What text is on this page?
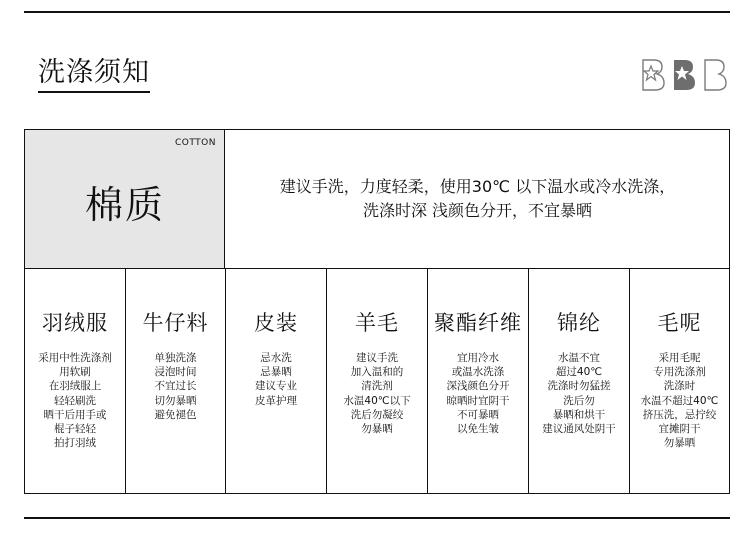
洗涤须知
COTTON
棉质	建议手洗，力度轻柔，使用30℃ 以下温水或冷水洗涤，
洗涤时深 浅颜色分开，不宜暴晒
羽绒服
采用中性洗涤剂
用软刷
在羽绒服上
轻轻刷洗
晒干后用手或
棍子轻轻
拍打羽绒
牛仔料
单独洗涤
浸泡时间
不宜过长
切勿暴晒
避免褪色
皮装
忌水洗
忌暴晒
建议专业
皮革护理
羊毛
建议手洗
加入温和的
清洗剂
水温40℃以下
洗后勿凝绞
勿暴晒
聚酯纤维
宜用冷水
或温水洗涤
深浅颜色分开
晾晒时宜阴干
不可暴晒
以免生皱
锦纶
水温不宜
超过40℃
洗涤时勿猛搓
洗后勿
暴晒和烘干
建议通风处阴干
毛呢
采用毛呢
专用洗涤剂
洗涤时
水温不超过40℃
挤压洗，忌拧绞
宜摊阴干
勿暴晒
